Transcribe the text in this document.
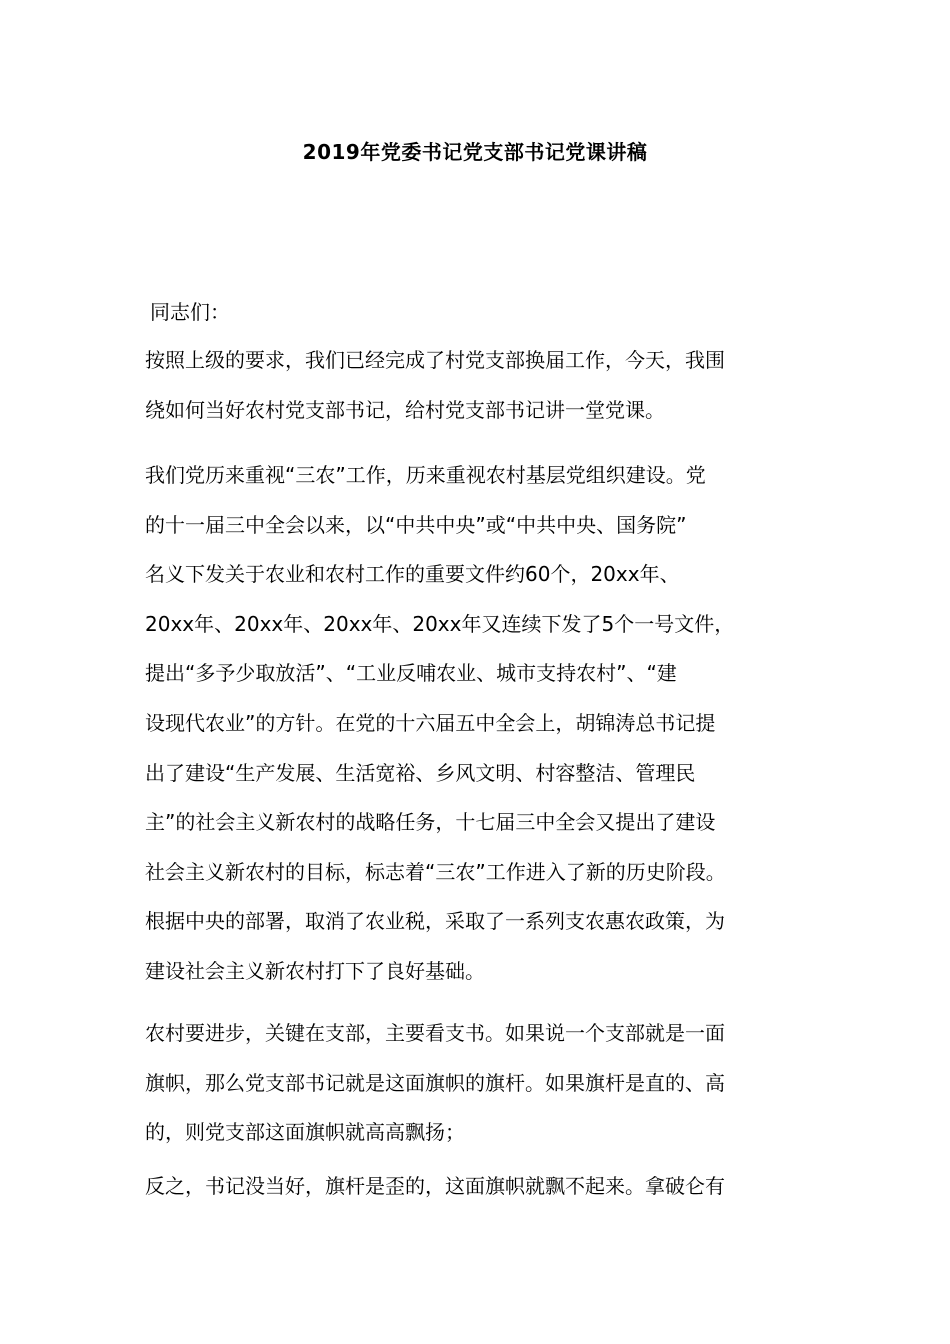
2019年党委书记党支部书记党课讲稿
同志们：
按照上级的要求，我们已经完成了村党支部换届工作，今天，我围
绕如何当好农村党支部书记，给村党支部书记讲一堂党课。
我们党历来重视“三农”工作，历来重视农村基层党组织建设。党
的十一届三中全会以来，以“中共中央”或“中共中央、国务院”
名义下发关于农业和农村工作的重要文件约60个，20xx年、
20xx年、20xx年、20xx年、20xx年又连续下发了5个一号文件，
提出“多予少取放活”、“工业反哺农业、城市支持农村”、“建
设现代农业”的方针。在党的十六届五中全会上，胡锦涛总书记提
出了建设“生产发展、生活宽裕、乡风文明、村容整洁、管理民
主”的社会主义新农村的战略任务，十七届三中全会又提出了建设
社会主义新农村的目标，标志着“三农”工作进入了新的历史阶段。
根据中央的部署，取消了农业税，采取了一系列支农惠农政策，为
建设社会主义新农村打下了良好基础。
农村要进步，关键在支部，主要看支书。如果说一个支部就是一面
旗帜，那么党支部书记就是这面旗帜的旗杆。如果旗杆是直的、高
的，则党支部这面旗帜就高高飘扬；
反之，书记没当好，旗杆是歪的，这面旗帜就飘不起来。拿破仑有
